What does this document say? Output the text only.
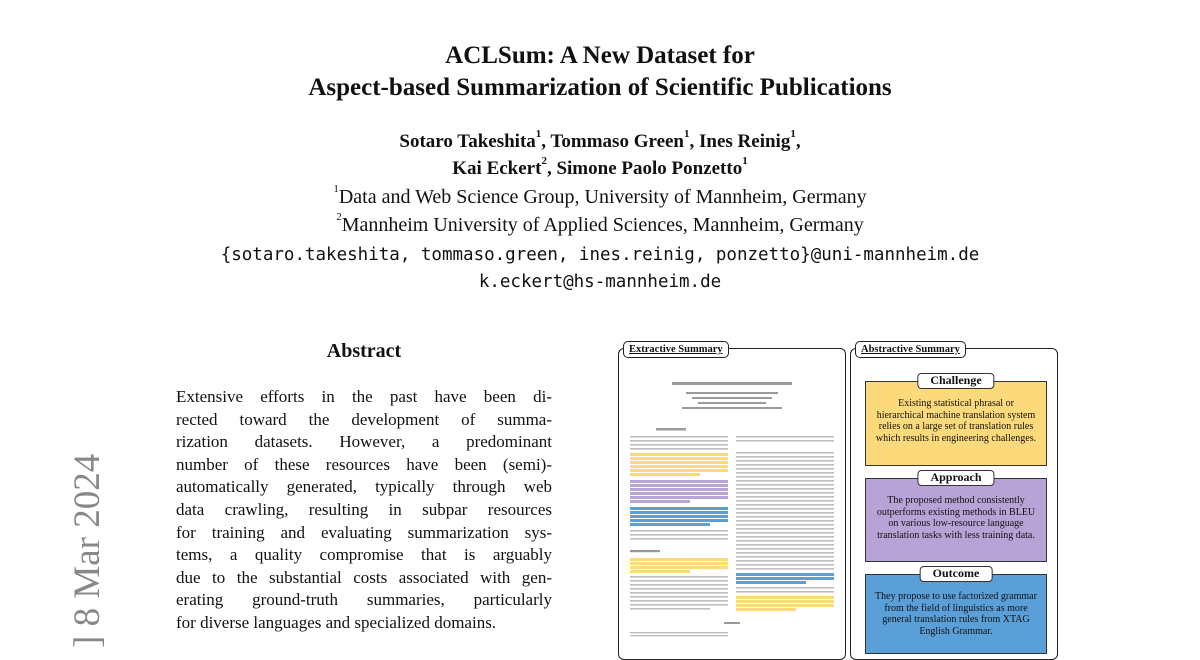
ACLSum: A New Dataset for
Aspect-based Summarization of Scientific Publications
Sotaro Takeshita$^1$, Tommaso Green$^1$, Ines Reinig$^1$,
Kai Eckert$^2$, Simone Paolo Ponzetto$^1$
$^1$Data and Web Science Group, University of Mannheim, Germany
$^2$Mannheim University of Applied Sciences, Mannheim, Germany
{sotaro.takeshita, tommaso.green, ines.reinig, ponzetto}@uni-mannheim.de
k.eckert@hs-mannheim.de
Abstract
Extensive efforts in the past have been di-
rected toward the development of summa-
rization datasets. However, a predominant
number of these resources have been (semi)-
automatically generated, typically through web
data crawling, resulting in subpar resources
for training and evaluating summarization sys-
tems, a quality compromise that is arguably
due to the substantial costs associated with gen-
erating ground-truth summaries, particularly
for diverse languages and specialized domains.
] 8 Mar 2024
Extractive Summary	Abstractive Summary
Challenge
Existing statistical phrasal or hierarchical machine translation system relies on a large set of translation rules which results in engineering challenges.
Approach
The proposed method consistently outperforms existing methods in BLEU on various low-resource language translation tasks with less training data.
Outcome
They propose to use factorized grammar from the field of linguistics as more general translation rules from XTAG English Grammar.
